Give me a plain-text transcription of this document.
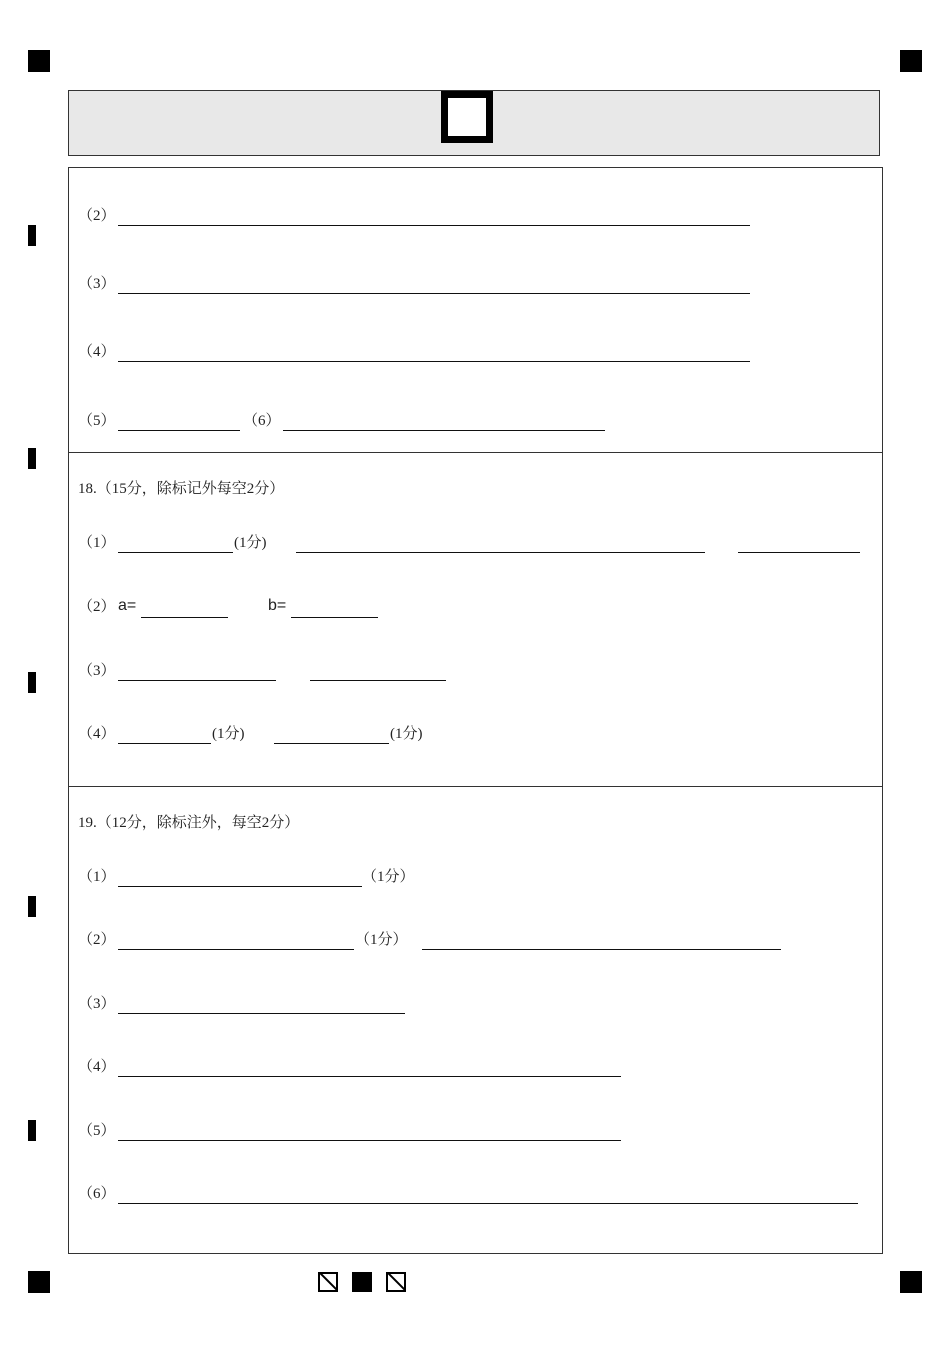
（2）
（3）
（4）
（5）	（6）
18.（15分，除标记外每空2分）
（1）	(1分)
（2） a=	b=
（3）
（4）	(1分)	(1分)
19.（12分，除标注外，每空2分）
（1）	（1分）
（2）	（1分）
（3）
（4）
（5）
（6）
